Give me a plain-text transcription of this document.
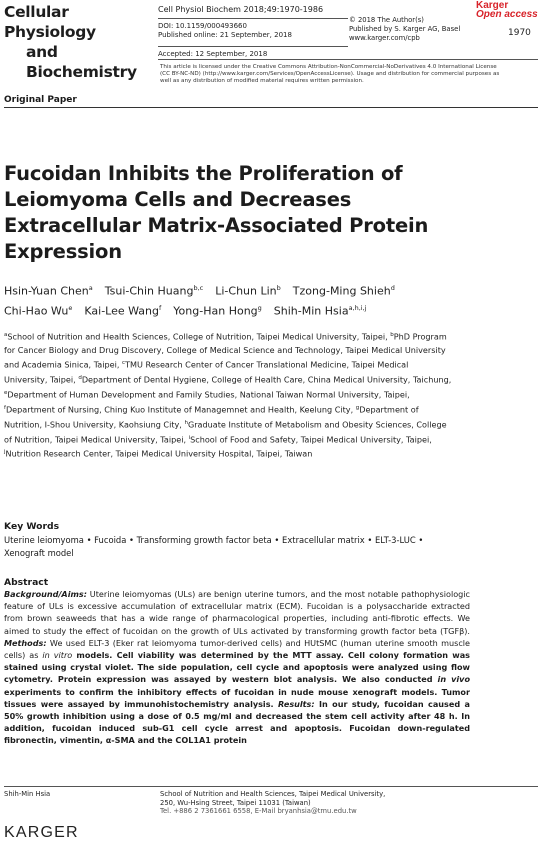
Cellular Physiology
and Biochemistry
Cell Physiol Biochem 2018;49:1970-1986
DOI: 10.1159/000493660
Published online: 21 September, 2018
Accepted: 12 September, 2018
© 2018 The Author(s)
Published by S. Karger AG, Basel
www.karger.com/cpb
Karger
Open access
1970
This article is licensed under the Creative Commons Attribution-NonCommercial-NoDerivatives 4.0 International License (CC BY-NC-ND) (http://www.karger.com/Services/OpenAccessLicense). Usage and distribution for commercial purposes as well as any distribution of modified material requires written permission.
Original Paper
Fucoidan Inhibits the Proliferation of Leiomyoma Cells and Decreases Extracellular Matrix-Associated Protein Expression
Hsin-Yuan Chen$^a$ Tsui-Chin Huang$^{b,c}$ Li-Chun Lin$^b$ Tzong-Ming Shieh$^d$
Chi-Hao Wu$^e$ Kai-Lee Wang$^f$ Yong-Han Hong$^g$ Shih-Min Hsia$^{a,h,i,j}$
$^a$School of Nutrition and Health Sciences, College of Nutrition, Taipei Medical University, Taipei, $^b$PhD Program for Cancer Biology and Drug Discovery, College of Medical Science and Technology, Taipei Medical University and Academia Sinica, Taipei, $^c$TMU Research Center of Cancer Translational Medicine, Taipei Medical University, Taipei, $^d$Department of Dental Hygiene, College of Health Care, China Medical University, Taichung, $^e$Department of Human Development and Family Studies, National Taiwan Normal University, Taipei, $^f$Department of Nursing, Ching Kuo Institute of Managemnet and Health, Keelung City, $^g$Department of Nutrition, I-Shou University, Kaohsiung City, $^h$Graduate Institute of Metabolism and Obesity Sciences, College of Nutrition, Taipei Medical University, Taipei, $^i$School of Food and Safety, Taipei Medical University, Taipei, $^j$Nutrition Research Center, Taipei Medical University Hospital, Taipei, Taiwan
Key Words
Uterine leiomyoma • Fucoida • Transforming growth factor beta • Extracellular matrix • ELT-3-LUC • Xenograft model
Abstract
Background/Aims: Uterine leiomyomas (ULs) are benign uterine tumors, and the most notable pathophysiologic feature of ULs is excessive accumulation of extracellular matrix (ECM). Fucoidan is a polysaccharide extracted from brown seaweeds that has a wide range of pharmacological properties, including anti-fibrotic effects. We aimed to study the effect of fucoidan on the growth of ULs activated by transforming growth factor beta (TGFβ). Methods: We used ELT-3 (Eker rat leiomyoma tumor-derived cells) and HUtSMC (human uterine smooth muscle cells) as in vitro models. Cell viability was determined by the MTT assay. Cell colony formation was stained using crystal violet. The side population, cell cycle and apoptosis were analyzed using flow cytometry. Protein expression was assayed by western blot analysis. We also conducted in vivo experiments to confirm the inhibitory effects of fucoidan in nude mouse xenograft models. Tumor tissues were assayed by immunohistochemistry analysis. Results: In our study, fucoidan caused a 50% growth inhibition using a dose of 0.5 mg/ml and decreased the stem cell activity after 48 h. In addition, fucoidan induced sub-G1 cell cycle arrest and apoptosis. Fucoidan down-regulated fibronectin, vimentin, α-SMA and the COL1A1 protein
Shih-Min Hsia	School of Nutrition and Health Sciences, Taipei Medical University,
250, Wu-Hsing Street, Taipei 11031 (Taiwan)
Tel. +886 2 7361661 6558, E-Mail bryanhsia@tmu.edu.tw
KARGER
